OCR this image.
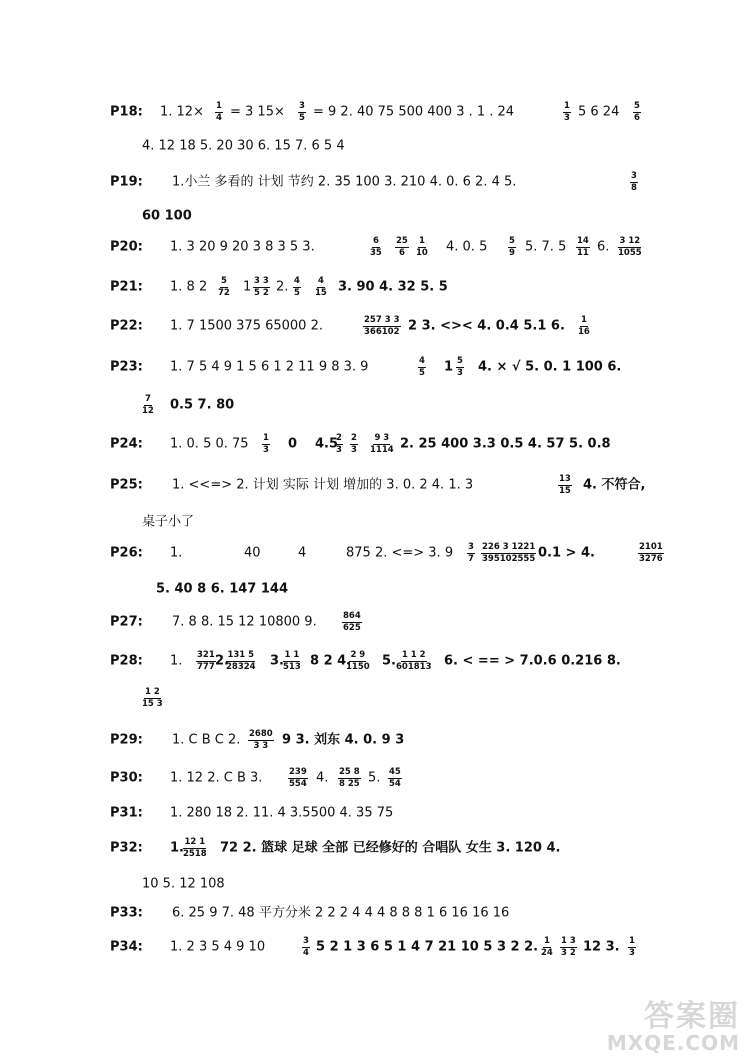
P18: 1. 12× 1
4 = 3 15× 3
5 = 9 2. 40 75 500 400 3 . 1 . 24	1
3 5 6 24 5
6
4. 12 18 5. 20 30 6. 15 7. 6 5 4
P19: 1.小兰 多看的 计划 节约 2. 35 100 3. 210 4. 0. 6 2. 4 5.	3
8
60 100
P20: 1. 3 20 9 20 3 8 3 5 3.	6
35
25
6
1
10 4. 0. 5	5
9 5. 7. 5 14
11 6. 3 12
1055
P21: 1. 8 2 5
72 1 3 3
5 2 2. 4
5
4
15 3. 90 4. 32 5. 5
P22: 1. 7 1500 375 65000 2.	257 3 3
366102 2 3. <>< 4. 0.4 5.1 6. 1
16
P23: 1. 7 5 4 9 1 5 6 1 2 11 9 8 3. 9	4
5 1 5
3 4. × √ 5. 0. 1 100 6.
7
12 0.5 7. 80
P24: 1. 0. 5 0. 75 1
3 0 4.5
2
3
2
3
9 3
1114 2. 25 400 3.3 0.5 4. 57 5. 0.8
P25: 1. <<=> 2. 计划 实际 计划 增加的 3. 0. 2 4. 1. 3	13
15 4. 不符合,
桌子小了
P26: 1.	40	4	875 2. <=> 3. 9 3
7
226 3 1221
395102555 0.1 > 4.	2101
3276
5. 40 8 6. 147 144
P27: 7. 8 8. 15 12 10800 9.	864
625
P28: 1. 321
777 2.
131 5
28324 3. 1 1
513 8 2 4. 2 9
1150 5. 1 1 2
601813 6. < == > 7.0.6 0.216 8.
1 2
15 3
P29: 1. C B C 2. 2680
3 3 9 3. 刘东 4. 0. 9 3
P30: 1. 12 2. C B 3.	239
554 4. 25 8
8 25 5. 45
54
P31: 1. 280 18 2. 11. 4 3.5500 4. 35 75
P32: 1. 12 1
2518 72 2. 篮球 足球 全部 已经修好的 合唱队 女生 3. 120 4.
10 5. 12 108
P33: 6. 25 9 7. 48 平方分米 2 2 2 4 4 4 8 8 8 1 6 16 16 16
P34: 1. 2 3 5 4 9 10	3
4 5 2 1 3 6 5 1 4 7 21 10 5 3 2 2. 1
24
1 3
3 2 12 3. 1
3
答案圈
MXQE.COM
